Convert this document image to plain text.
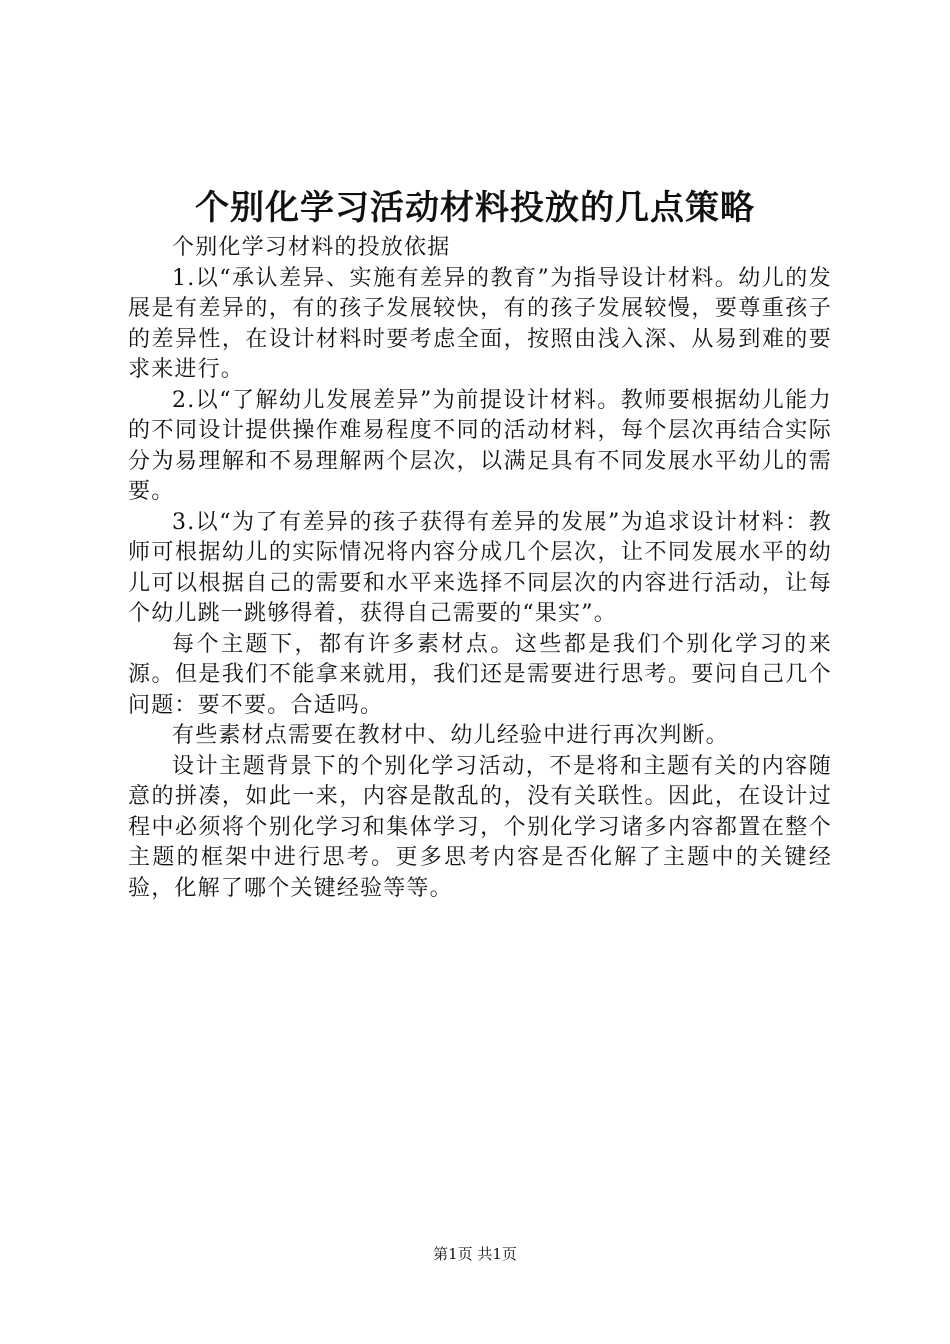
个别化学习活动材料投放的几点策略

个别化学习材料的投放依据

1.以“承认差异、实施有差异的教育”为指导设计材料。幼儿的发展是有差异的，有的孩子发展较快，有的孩子发展较慢，要尊重孩子的差异性，在设计材料时要考虑全面，按照由浅入深、从易到难的要求来进行。

2.以“了解幼儿发展差异”为前提设计材料。教师要根据幼儿能力的不同设计提供操作难易程度不同的活动材料，每个层次再结合实际分为易理解和不易理解两个层次，以满足具有不同发展水平幼儿的需要。

3.以“为了有差异的孩子获得有差异的发展”为追求设计材料：教师可根据幼儿的实际情况将内容分成几个层次，让不同发展水平的幼儿可以根据自己的需要和水平来选择不同层次的内容进行活动，让每个幼儿跳一跳够得着，获得自己需要的“果实”。

每个主题下，都有许多素材点。这些都是我们个别化学习的来源。但是我们不能拿来就用，我们还是需要进行思考。要问自己几个问题：要不要。合适吗。

有些素材点需要在教材中、幼儿经验中进行再次判断。

设计主题背景下的个别化学习活动，不是将和主题有关的内容随意的拼凑，如此一来，内容是散乱的，没有关联性。因此，在设计过程中必须将个别化学习和集体学习，个别化学习诸多内容都置在整个主题的框架中进行思考。更多思考内容是否化解了主题中的关键经验，化解了哪个关键经验等等。

第1页 共1页
